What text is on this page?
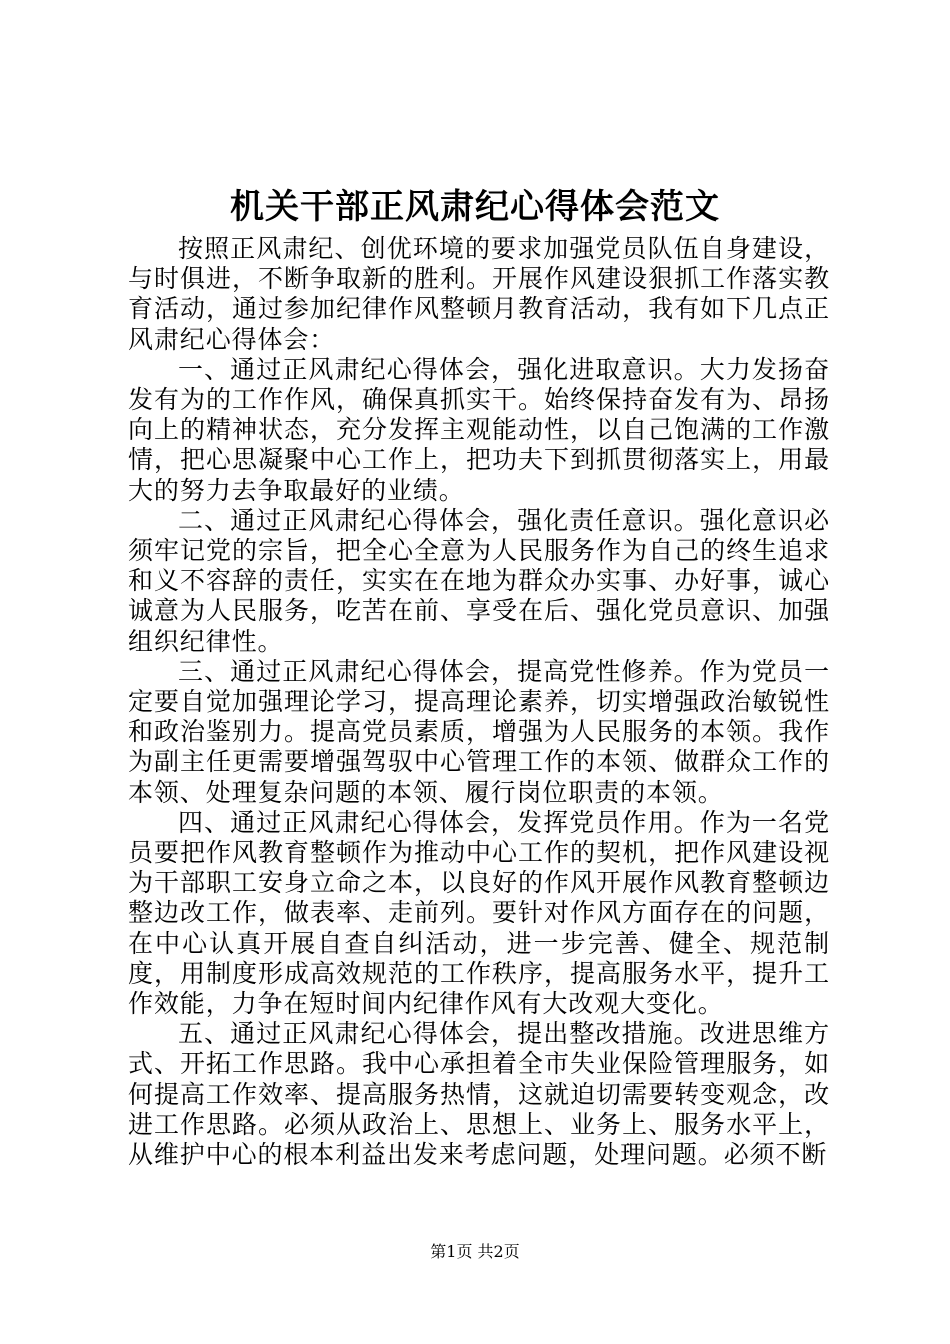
机关干部正风肃纪心得体会范文

按照正风肃纪、创优环境的要求加强党员队伍自身建设，与时俱进，不断争取新的胜利。开展作风建设狠抓工作落实教育活动，通过参加纪律作风整顿月教育活动，我有如下几点正风肃纪心得体会：

一、通过正风肃纪心得体会，强化进取意识。大力发扬奋发有为的工作作风，确保真抓实干。始终保持奋发有为、昂扬向上的精神状态，充分发挥主观能动性，以自己饱满的工作激情，把心思凝聚中心工作上，把功夫下到抓贯彻落实上，用最大的努力去争取最好的业绩。

二、通过正风肃纪心得体会，强化责任意识。强化意识必须牢记党的宗旨，把全心全意为人民服务作为自己的终生追求和义不容辞的责任，实实在在地为群众办实事、办好事，诚心诚意为人民服务，吃苦在前、享受在后、强化党员意识、加强组织纪律性。

三、通过正风肃纪心得体会，提高党性修养。作为党员一定要自觉加强理论学习，提高理论素养，切实增强政治敏锐性和政治鉴别力。提高党员素质，增强为人民服务的本领。我作为副主任更需要增强驾驭中心管理工作的本领、做群众工作的本领、处理复杂问题的本领、履行岗位职责的本领。

四、通过正风肃纪心得体会，发挥党员作用。作为一名党员要把作风教育整顿作为推动中心工作的契机，把作风建设视为干部职工安身立命之本，以良好的作风开展作风教育整顿边整边改工作，做表率、走前列。要针对作风方面存在的问题，在中心认真开展自查自纠活动，进一步完善、健全、规范制度，用制度形成高效规范的工作秩序，提高服务水平，提升工作效能，力争在短时间内纪律作风有大改观大变化。

五、通过正风肃纪心得体会，提出整改措施。改进思维方式、开拓工作思路。我中心承担着全市失业保险管理服务，如何提高工作效率、提高服务热情，这就迫切需要转变观念，改进工作思路。必须从政治上、思想上、业务上、服务水平上，从维护中心的根本利益出发来考虑问题，处理问题。必须不断

第1页 共2页
